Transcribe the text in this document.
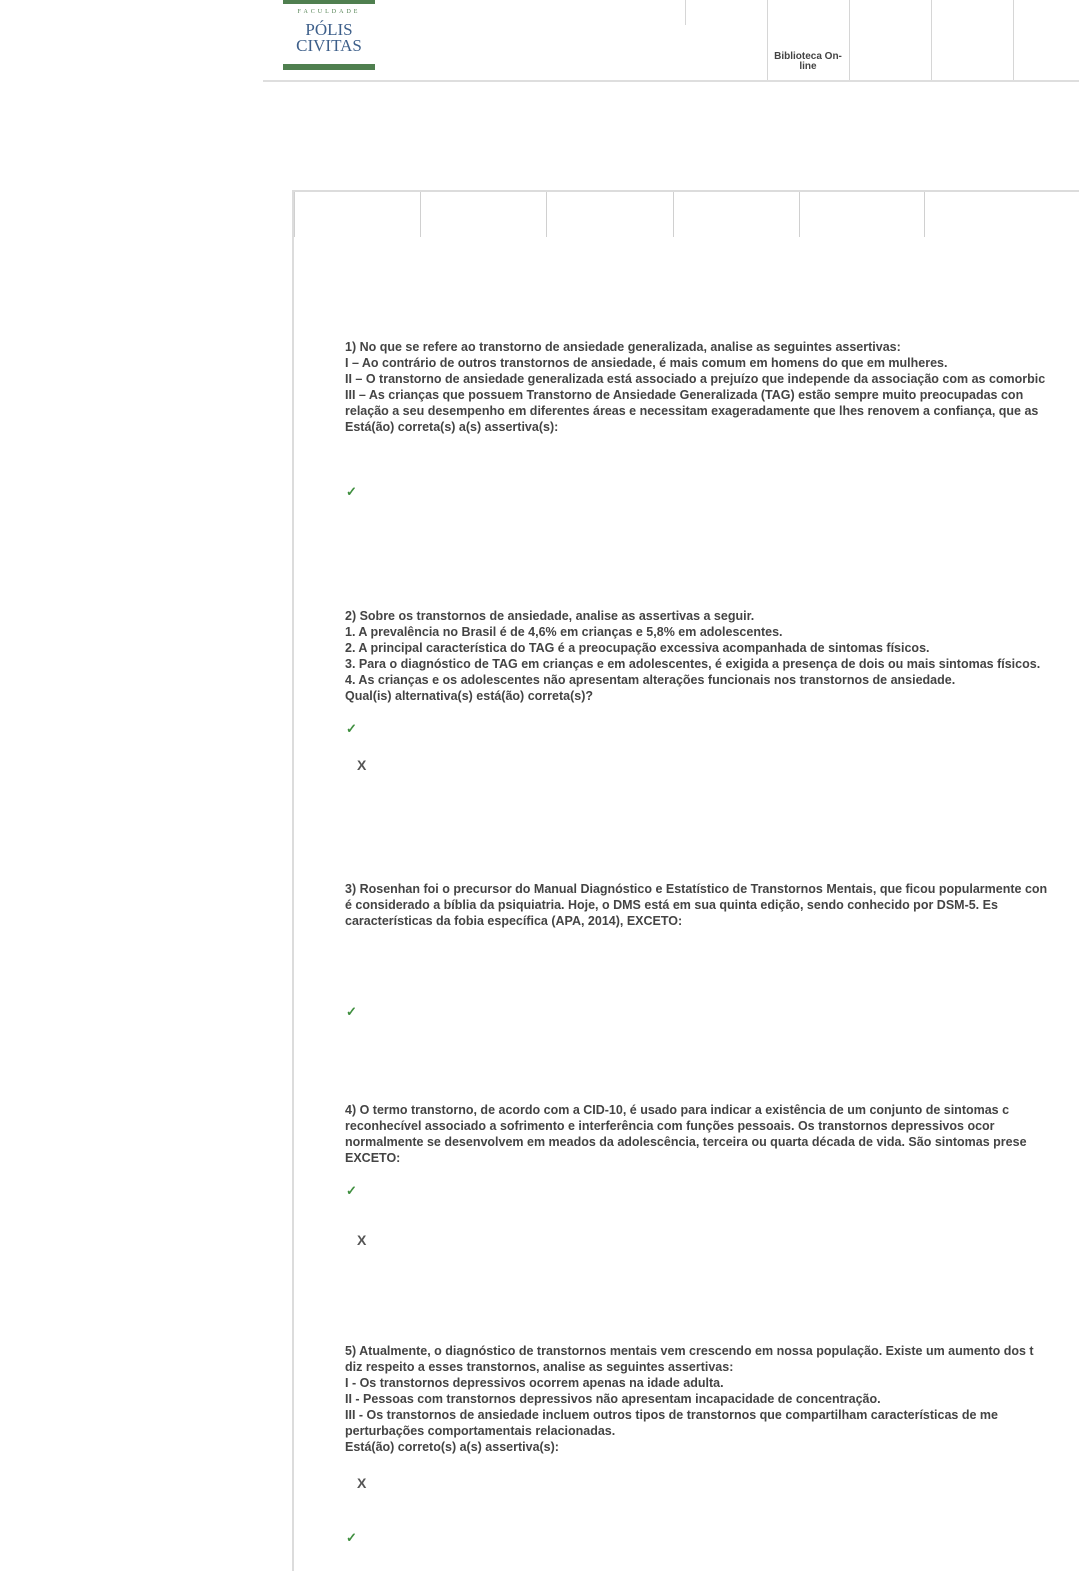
FACULDADE
PÓLIS
CIVITAS
Biblioteca On-line

1) No que se refere ao transtorno de ansiedade generalizada, analise as seguintes assertivas:

I – Ao contrário de outros transtornos de ansiedade, é mais comum em homens do que em mulheres.

II – O transtorno de ansiedade generalizada está associado a prejuízo que independe da associação com as comorbic

III – As crianças que possuem Transtorno de Ansiedade Generalizada (TAG) estão sempre muito preocupadas con

relação a seu desempenho em diferentes áreas e necessitam exageradamente que lhes renovem a confiança, que as

Está(ão) correta(s) a(s) assertiva(s):

✓

2) Sobre os transtornos de ansiedade, analise as assertivas a seguir.

1. A prevalência no Brasil é de 4,6% em crianças e 5,8% em adolescentes.

2. A principal característica do TAG é a preocupação excessiva acompanhada de sintomas físicos.

3. Para o diagnóstico de TAG em crianças e em adolescentes, é exigida a presença de dois ou mais sintomas físicos.

4. As crianças e os adolescentes não apresentam alterações funcionais nos transtornos de ansiedade.

Qual(is) alternativa(s) está(ão) correta(s)?

✓
X

3) Rosenhan foi o precursor do Manual Diagnóstico e Estatístico de Transtornos Mentais, que ficou popularmente con

é considerado a bíblia da psiquiatria. Hoje, o DMS está em sua quinta edição, sendo conhecido por DSM-5. Es

características da fobia específica (APA, 2014), EXCETO:

✓

4) O termo transtorno, de acordo com a CID-10, é usado para indicar a existência de um conjunto de sintomas c

reconhecível associado a sofrimento e interferência com funções pessoais. Os transtornos depressivos ocor

normalmente se desenvolvem em meados da adolescência, terceira ou quarta década de vida. São sintomas prese

EXCETO:

✓
X

5) Atualmente, o diagnóstico de transtornos mentais vem crescendo em nossa população. Existe um aumento dos t

diz respeito a esses transtornos, analise as seguintes assertivas:

I - Os transtornos depressivos ocorrem apenas na idade adulta.

II - Pessoas com transtornos depressivos não apresentam incapacidade de concentração.

III - Os transtornos de ansiedade incluem outros tipos de transtornos que compartilham características de me

perturbações comportamentais relacionadas.

Está(ão) correto(s) a(s) assertiva(s):

X
✓
